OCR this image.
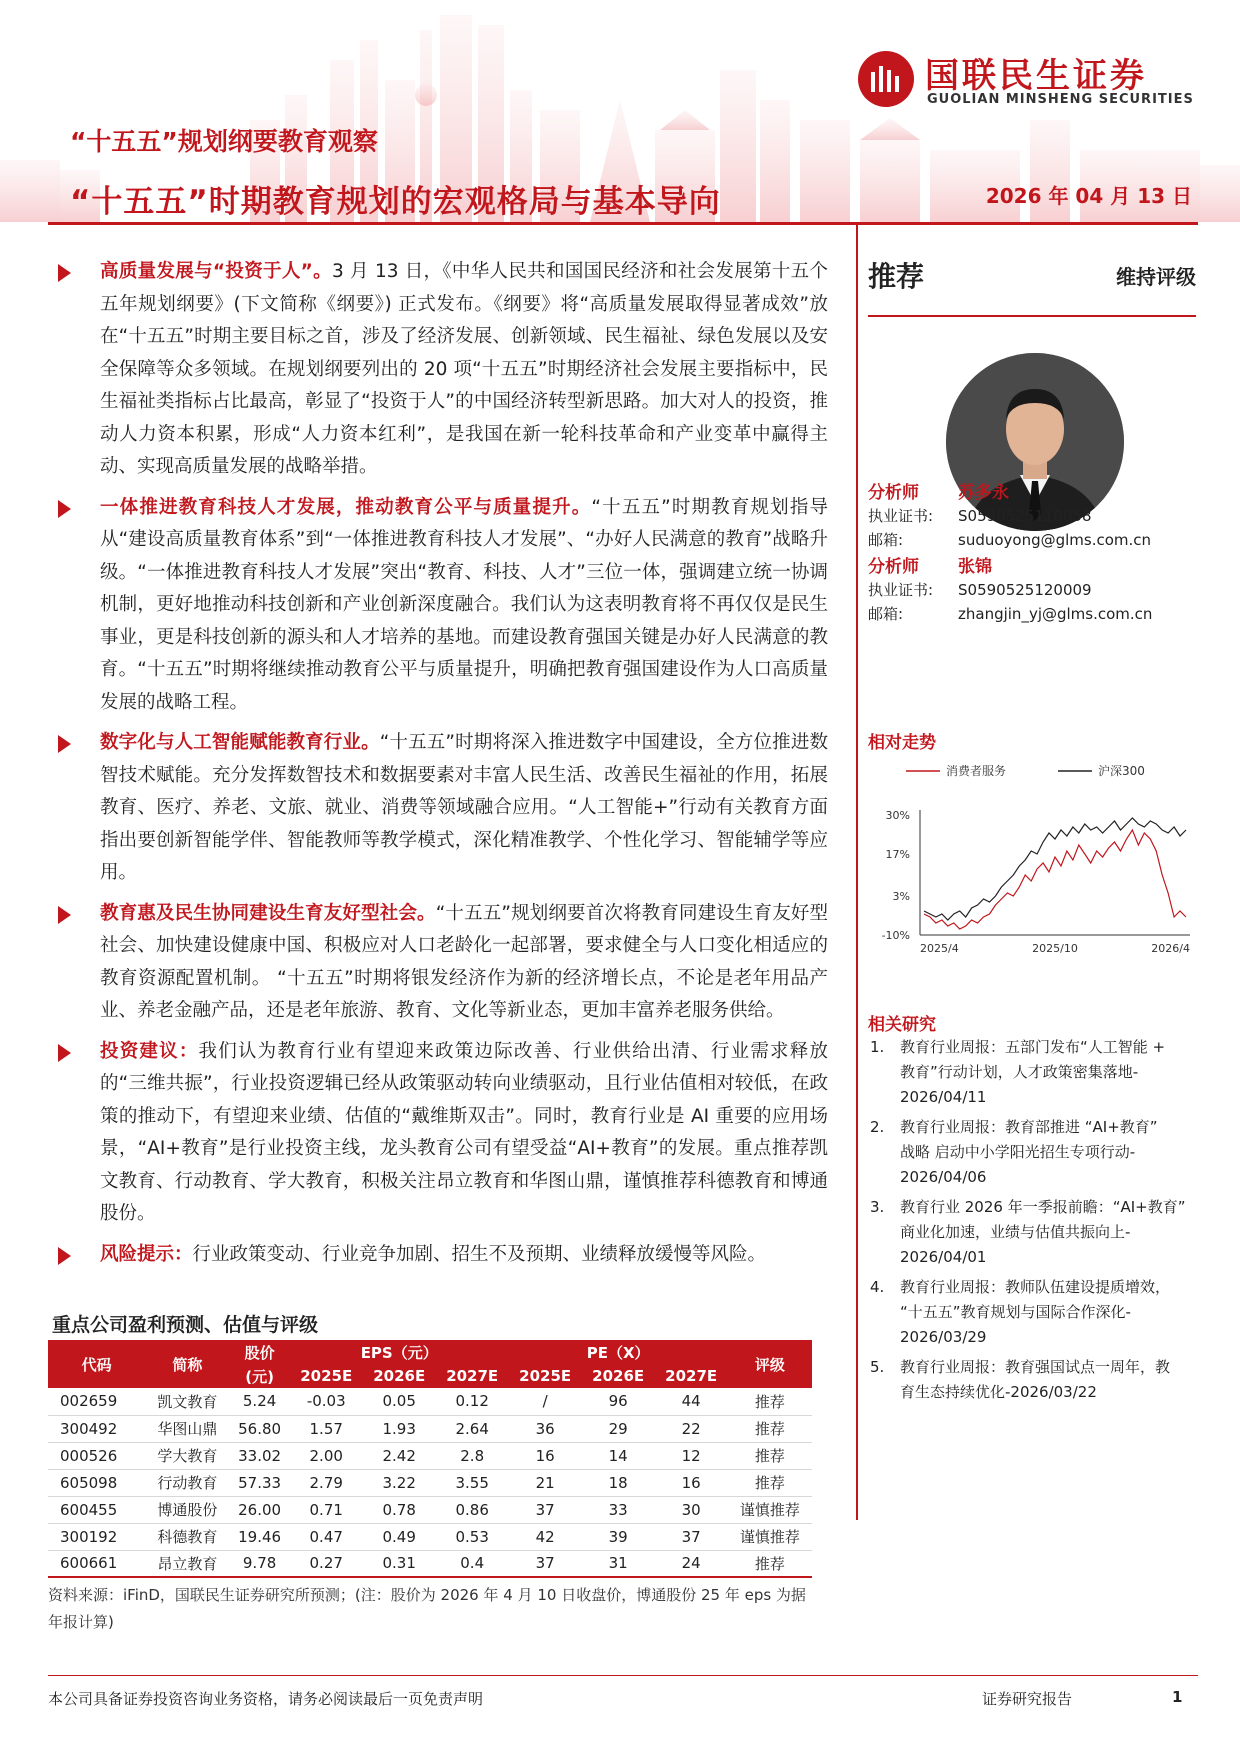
国联民生证券
GUOLIAN MINSHENG SECURITIES
“十五五”规划纲要教育观察
“十五五”时期教育规划的宏观格局与基本导向	2026 年 04 月 13 日
高质量发展与“投资于人”。3 月 13 日，《中华人民共和国国民经济和社会发展第十五个五年规划纲要》(下文简称《纲要》) 正式发布。《纲要》将“高质量发展取得显著成效”放在“十五五”时期主要目标之首，涉及了经济发展、创新领域、民生福祉、绿色发展以及安全保障等众多领域。在规划纲要列出的 20 项“十五五”时期经济社会发展主要指标中，民生福祉类指标占比最高，彰显了“投资于人”的中国经济转型新思路。加大对人的投资，推动人力资本积累，形成“人力资本红利”，是我国在新一轮科技革命和产业变革中赢得主动、实现高质量发展的战略举措。
一体推进教育科技人才发展，推动教育公平与质量提升。“十五五”时期教育规划指导从“建设高质量教育体系”到“一体推进教育科技人才发展”、“办好人民满意的教育”战略升级。“一体推进教育科技人才发展”突出“教育、科技、人才”三位一体，强调建立统一协调机制，更好地推动科技创新和产业创新深度融合。我们认为这表明教育将不再仅仅是民生事业，更是科技创新的源头和人才培养的基地。而建设教育强国关键是办好人民满意的教育。“十五五”时期将继续推动教育公平与质量提升，明确把教育强国建设作为人口高质量发展的战略工程。
数字化与人工智能赋能教育行业。“十五五”时期将深入推进数字中国建设，全方位推进数智技术赋能。充分发挥数智技术和数据要素对丰富人民生活、改善民生福祉的作用，拓展教育、医疗、养老、文旅、就业、消费等领域融合应用。“人工智能+”行动有关教育方面指出要创新智能学伴、智能教师等教学模式，深化精准教学、个性化学习、智能辅学等应用。
教育惠及民生协同建设生育友好型社会。“十五五”规划纲要首次将教育同建设生育友好型社会、加快建设健康中国、积极应对人口老龄化一起部署，要求健全与人口变化相适应的教育资源配置机制。 “十五五”时期将银发经济作为新的经济增长点，不论是老年用品产业、养老金融产品，还是老年旅游、教育、文化等新业态，更加丰富养老服务供给。
投资建议：我们认为教育行业有望迎来政策边际改善、行业供给出清、行业需求释放的“三维共振”，行业投资逻辑已经从政策驱动转向业绩驱动，且行业估值相对较低，在政策的推动下，有望迎来业绩、估值的“戴维斯双击”。同时，教育行业是 AI 重要的应用场景，“AI+教育”是行业投资主线，龙头教育公司有望受益“AI+教育”的发展。重点推荐凯文教育、行动教育、学大教育，积极关注昂立教育和华图山鼎，谨慎推荐科德教育和博通股份。
风险提示：行业政策变动、行业竞争加剧、招生不及预期、业绩释放缓慢等风险。
重点公司盈利预测、估值与评级
代码	简称	股价	EPS（元）			PE（X）			评级
		(元)	2025E	2026E	2027E	2025E	2026E	2027E	
002659	凯文教育	5.24	-0.03	0.05	0.12	/	96	44	推荐
300492	华图山鼎	56.80	1.57	1.93	2.64	36	29	22	推荐
000526	学大教育	33.02	2.00	2.42	2.8	16	14	12	推荐
605098	行动教育	57.33	2.79	3.22	3.55	21	18	16	推荐
600455	博通股份	26.00	0.71	0.78	0.86	37	33	30	谨慎推荐
300192	科德教育	19.46	0.47	0.49	0.53	42	39	37	谨慎推荐
600661	昂立教育	9.78	0.27	0.31	0.4	37	31	24	推荐
资料来源：iFinD，国联民生证券研究所预测；(注：股价为 2026 年 4 月 10 日收盘价，博通股份 25 年 eps 为据
年报计算)
推荐	维持评级
分析师 苏多永
执业证书: S0590525110058
邮箱:	suduoyong@glms.com.cn
分析师 张锦
执业证书: S0590525120009
邮箱:	zhangjin_yj@glms.com.cn
相对走势
30%
17%
3%
-10%
2025/4	2025/10	2026/4
消费者服务	沪深300
相关研究
1. 教育行业周报：五部门发布“人工智能 +
教育”行动计划，人才政策密集落地-
2026/04/11
2. 教育行业周报：教育部推进 “AI+教育”
战略 启动中小学阳光招生专项行动-
2026/04/06
3. 教育行业 2026 年一季报前瞻：“AI+教育”
商业化加速，业绩与估值共振向上-
2026/04/01
4. 教育行业周报：教师队伍建设提质增效，
“十五五”教育规划与国际合作深化-
2026/03/29
5. 教育行业周报：教育强国试点一周年，教
育生态持续优化-2026/03/22
本公司具备证券投资咨询业务资格，请务必阅读最后一页免责声明	证券研究报告	1
